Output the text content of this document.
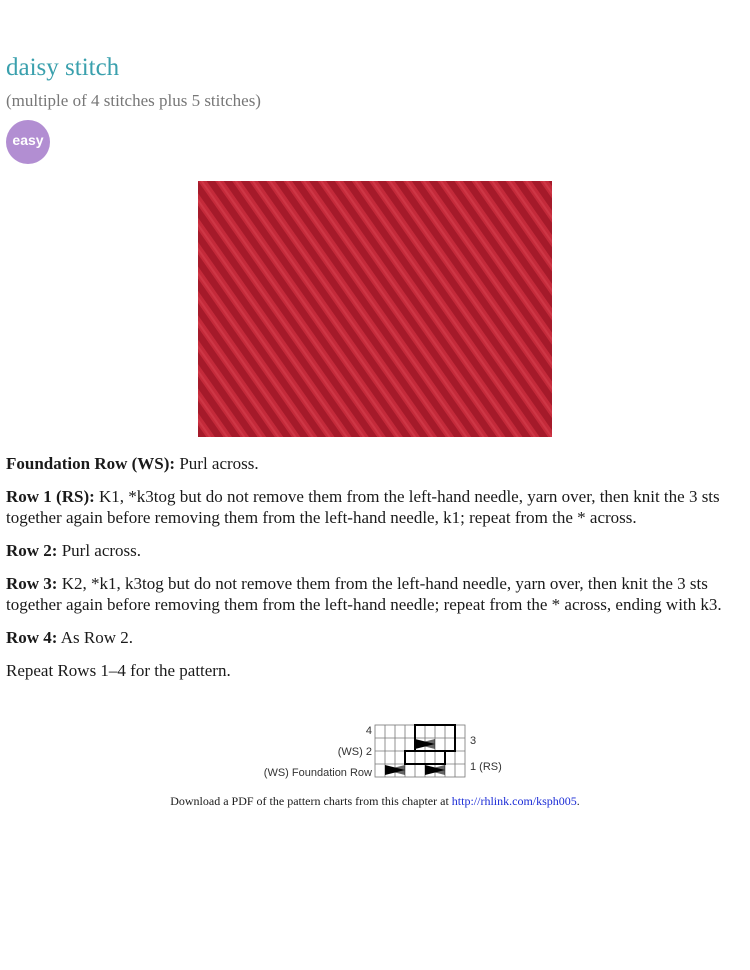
daisy stitch
(multiple of 4 stitches plus 5 stitches)
easy

Foundation Row (WS): Purl across.

Row 1 (RS): K1, *k3tog but do not remove them from the left-hand needle, yarn over, then knit the 3 sts together again before removing them from the left-hand needle, k1; repeat from the * across.

Row 2: Purl across.

Row 3: K2, *k1, k3tog but do not remove them from the left-hand needle, yarn over, then knit the 3 sts together again before removing them from the left-hand needle; repeat from the * across, ending with k3.

Row 4: As Row 2.

Repeat Rows 1–4 for the pattern.

4
(WS) 2
(WS) Foundation Row
3
1 (RS)
Download a PDF of the pattern charts from this chapter at http://rhlink.com/ksph005.
